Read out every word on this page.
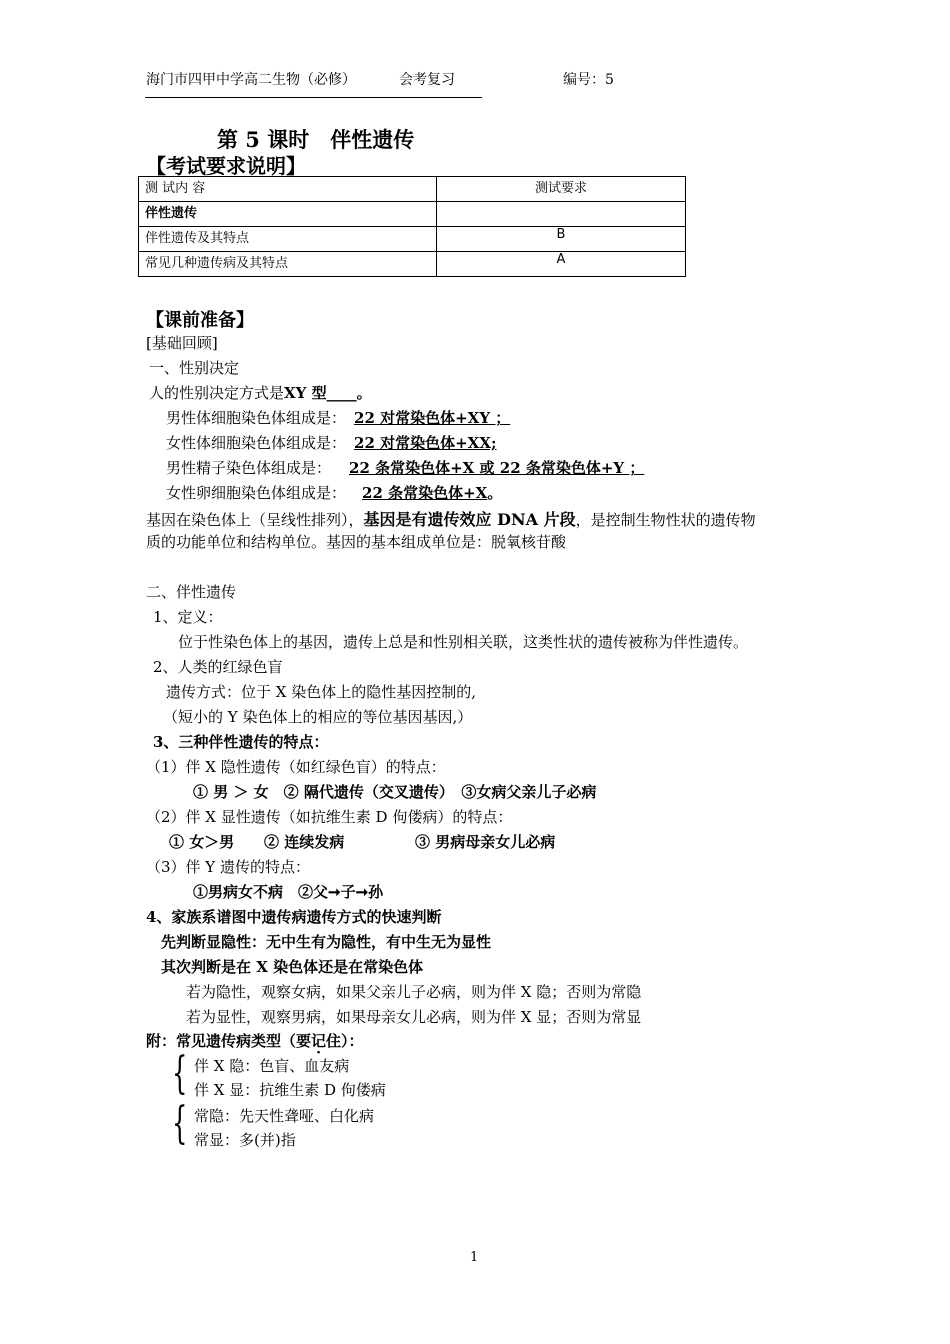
海门市四甲中学高二生物（必修）	会考复习	编号：5
第 5 课时　伴性遗传
【考试要求说明】
测 试内 容	测试要求
伴性遗传	
伴性遗传及其特点	B
常见几种遗传病及其特点	A
【课前准备】
[基础回顾]
一、性别决定
人的性别决定方式是XY 型____。
男性体细胞染色体组成是： 22 对常染色体+XY ；
女性体细胞染色体组成是： 22 对常染色体+XX;
男性精子染色体组成是： 22 条常染色体+X 或 22 条常染色体+Y ；
女性卵细胞染色体组成是： 22 条常染色体+X。
基因在染色体上（呈线性排列），基因是有遗传效应 DNA 片段，是控制生物性状的遗传物
质的功能单位和结构单位。基因的基本组成单位是：脱氧核苷酸
二、伴性遗传
1、定义：
位于性染色体上的基因，遗传上总是和性别相关联，这类性状的遗传被称为伴性遗传。
2、人类的红绿色盲
遗传方式：位于 X 染色体上的隐性基因控制的,
（短小的 Y 染色体上的相应的等位基因基因,）
3、三种伴性遗传的特点：
（1）伴 X 隐性遗传（如红绿色盲）的特点：
① 男 ＞ 女　② 隔代遗传（交叉遗传）　③女病父亲儿子必病
（2）伴 X 显性遗传（如抗维生素 D 佝偻病）的特点：
① 女＞男 ② 连续发病	③ 男病母亲女儿必病
（3）伴 Y 遗传的特点：
①男病女不病　②父➞子➞孙
4、家族系谱图中遗传病遗传方式的快速判断
先判断显隐性：无中生有为隐性，有中生无为显性
其次判断是在 X 染色体还是在常染色体
若为隐性，观察女病，如果父亲儿子必病，则为伴 X 隐；否则为常隐
若为显性，观察男病，如果母亲女儿必病，则为伴 X 显；否则为常显
附：常见遗传病类型（要记住）：
{ 伴 X 隐：色盲、血友病
伴 X 显：抗维生素 D 佝偻病
{ 常隐：先天性聋哑、白化病
常显：多(并)指
1
